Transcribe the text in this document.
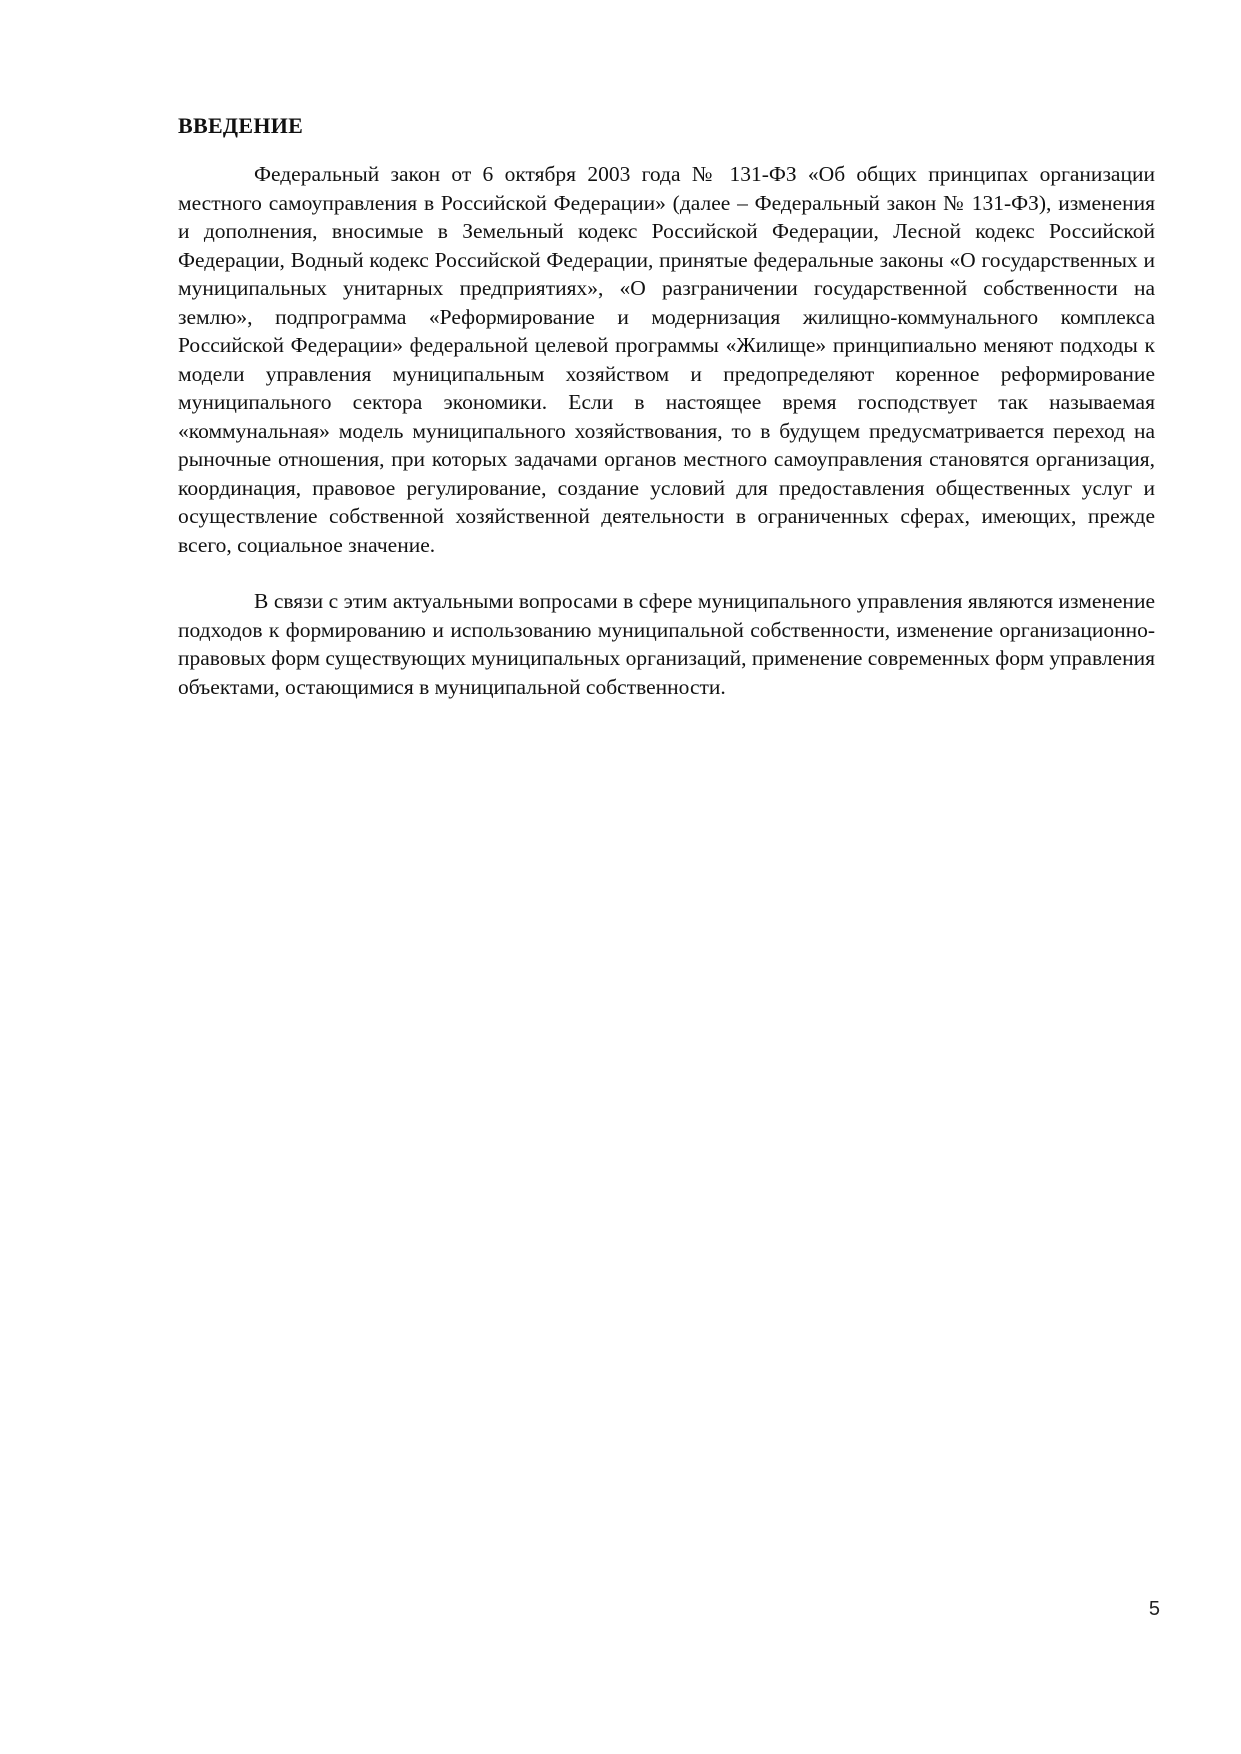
ВВЕДЕНИЕ

Федеральный закон от 6 октября 2003 года № 131-ФЗ «Об общих принципах организации местного самоуправления в Российской Федерации» (далее – Федеральный закон № 131-ФЗ), изменения и дополнения, вносимые в Земельный кодекс Российской Федерации, Лесной кодекс Российской Федерации, Водный кодекс Российской Федерации, принятые федеральные законы «О государственных и муниципальных унитарных предприятиях», «О разграничении государственной собственности на землю», подпрограмма «Реформирование и модернизация жилищно-коммунального комплекса Российской Федерации» федеральной целевой программы «Жилище» принципиально меняют подходы к модели управления муниципальным хозяйством и предопределяют коренное реформирование муниципального сектора экономики. Если в настоящее время господствует так называемая «коммунальная» модель муниципального хозяйствования, то в будущем предусматривается переход на рыночные отношения, при которых задачами органов местного самоуправления становятся организация, координация, правовое регулирование, создание условий для предоставления общественных услуг и осуществление собственной хозяйственной деятельности в ограниченных сферах, имеющих, прежде всего, социальное значение.

В связи с этим актуальными вопросами в сфере муниципального управления являются изменение подходов к формированию и использованию муниципальной собственности, изменение организационно-правовых форм существующих муниципальных организаций, применение современных форм управления объектами, остающимися в муниципальной собственности.

5
